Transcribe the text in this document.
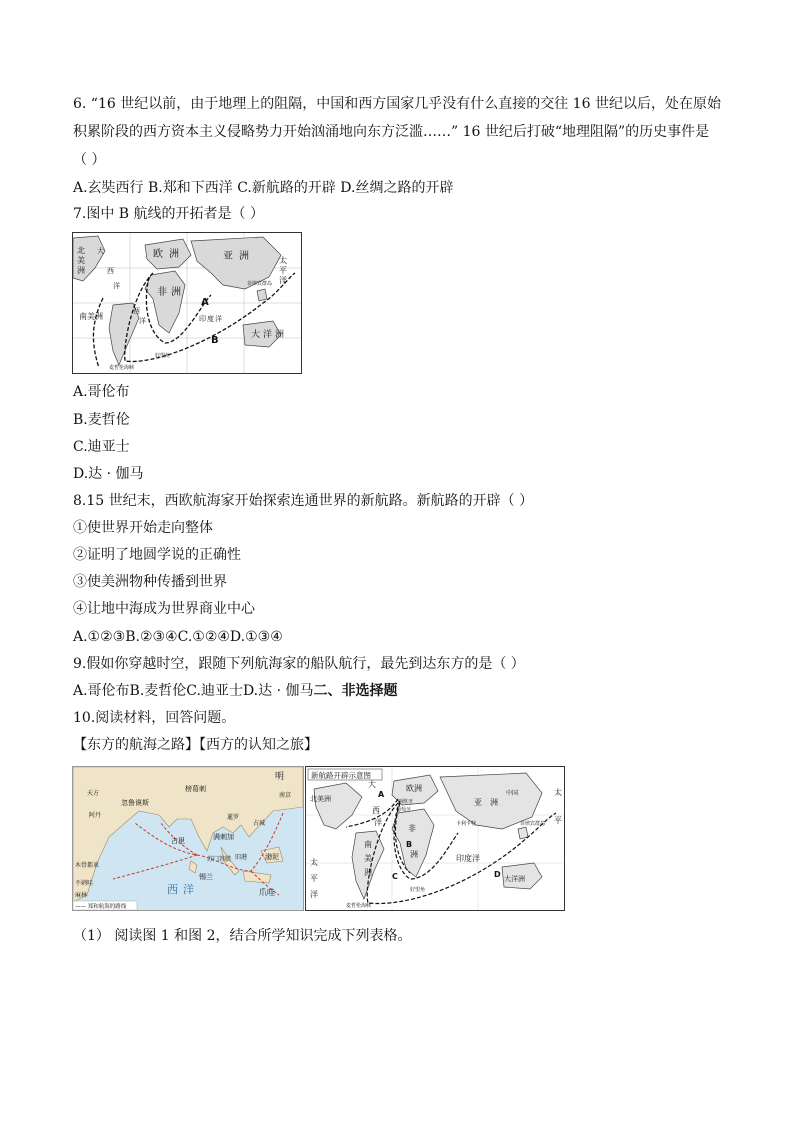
6. “16 世纪以前，由于地理上的阻隔，中国和西方国家几乎没有什么直接的交往 16 世纪以后，处在原始
积累阶段的西方资本主义侵略势力开始汹涌地向东方泛滥……” 16 世纪后打破“地理阻隔”的历史事件是
（ ）
A.玄奘西行 B.郑和下西洋 C.新航路的开辟 D.丝绸之路的开辟
7.图中 B 航线的开拓者是（ ）
北
美
洲
欧 洲	亚 洲
非 洲
南美洲
太
平
洋
大 洋 洲
A
B
菲律宾群岛
印 度 洋
西
洋
大
西
洋
好望角
麦哲伦海峡
A.哥伦布
B.麦哲伦
C.迪亚士
D.达 · 伽马
8.15 世纪末，西欧航海家开始探索连通世界的新航路。新航路的开辟（ ）
①使世界开始走向整体
②证明了地圆学说的正确性
③使美洲物种传播到世界
④让地中海成为世界商业中心
A.①②③B.②③④C.①②④D.①③④
9.假如你穿越时空，跟随下列航海家的船队航行，最先到达东方的是（ ）
A.哥伦布B.麦哲伦C.迪亚士D.达 · 伽马二、非选择题
10.阅读材料，回答问题。
【东方的航海之路】【西方的认知之旅】
明
锡兰
古里
忽鲁谟斯
阿丹
木骨都束
不刺哇
麻林
满刺加
苏门答腊
爪哇
旧港	渤泥
西 洋
榜葛刺
天方	南京
占城
暹罗
—— 郑和航海的路线
新航路开辟示意图
北美洲
大
西
洋
欧洲
亚 洲
非
洲
南
美
洲
印度洋
太
平
洋
大洋洲
A
B
C	D
中国
菲律宾群岛
麦哲伦海峡
好望角
西班牙
葡萄牙
卡利卡特
太
平
（1） 阅读图 1 和图 2，结合所学知识完成下列表格。
